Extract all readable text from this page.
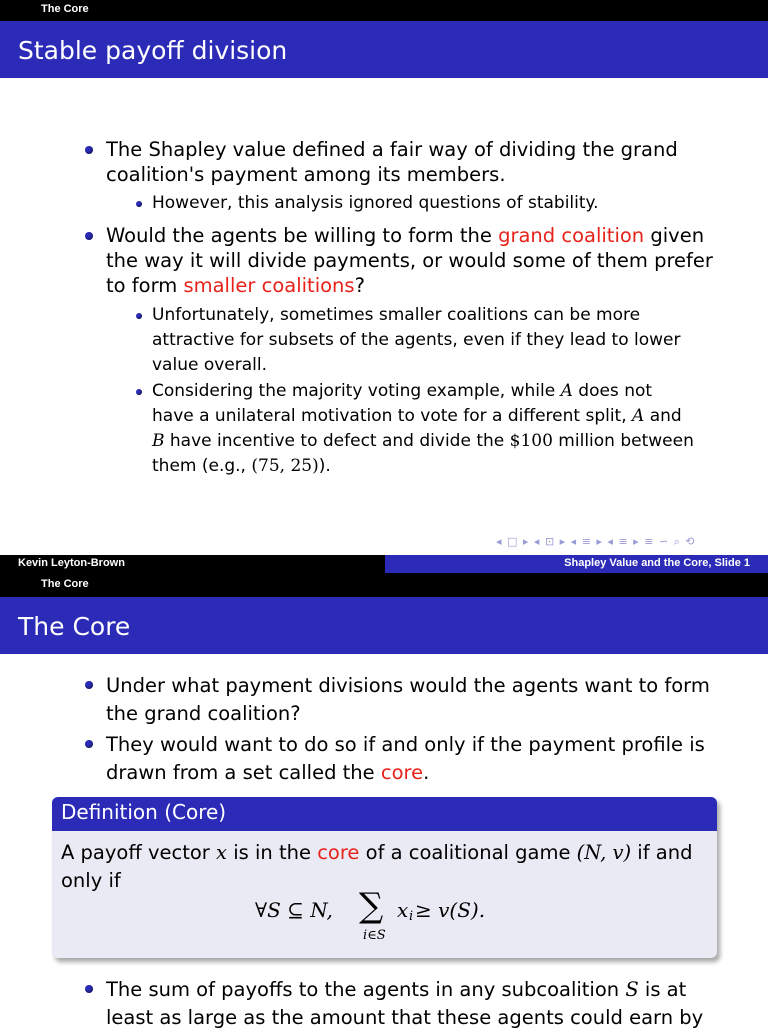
The Core
Stable payoff division
The Shapley value defined a fair way of dividing the grand
coalition's payment among its members.
However, this analysis ignored questions of stability.
Would the agents be willing to form the grand coalition given
the way it will divide payments, or would some of them prefer
to form smaller coalitions?
Unfortunately, sometimes smaller coalitions can be more
attractive for subsets of the agents, even if they lead to lower
value overall.
Considering the majority voting example, while A does not
have a unilateral motivation to vote for a different split, A and
B have incentive to defect and divide the $100 million between
them (e.g., (75, 25)).
◂ □ ▸ ◂ ⊡ ▸ ◂ ≡ ▸ ◂ ≡ ▸ ≡ ∽ ⌕ ⟲
Kevin Leyton-Brown	Shapley Value and the Core, Slide 1
The Core
The Core
Under what payment divisions would the agents want to form
the grand coalition?
They would want to do so if and only if the payment profile is
drawn from a set called the core.
Definition (Core)
A payoff vector x is in the core of a coalitional game (N, v) if and
only if
∀S ⊆ N, ∑
i∈S
x i ≥ v(S).
The sum of payoffs to the agents in any subcoalition S is at
least as large as the amount that these agents could earn by
